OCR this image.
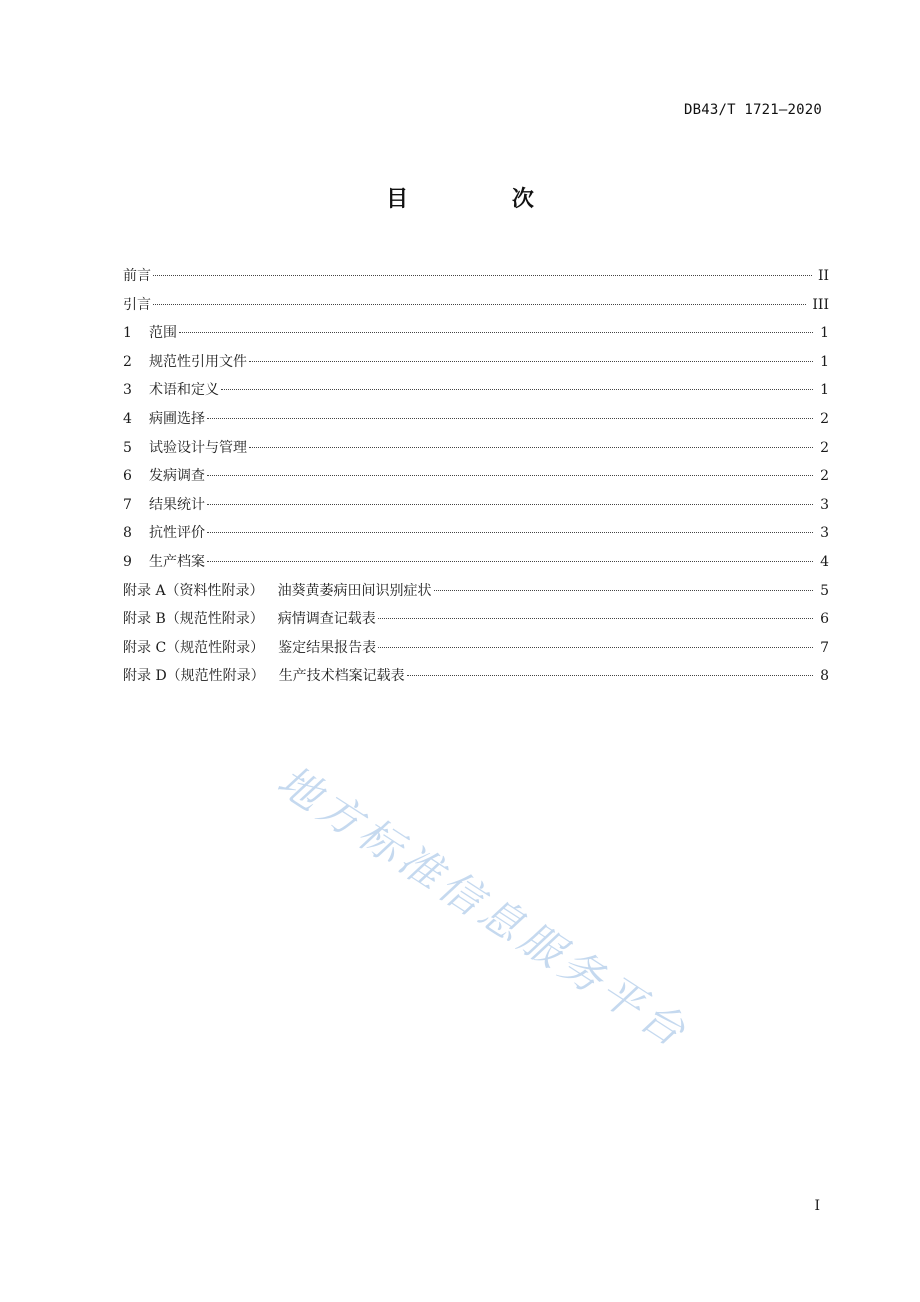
DB43/T 1721—2020
目 次
前言	II
引言	III
1	范围	1
2	规范性引用文件	1
3	术语和定义	1
4	病圃选择	2
5	试验设计与管理	2
6	发病调查	2
7	结果统计	3
8	抗性评价	3
9	生产档案	4
附录 A（资料性附录） 油葵黄萎病田间识别症状	5
附录 B（规范性附录） 病情调查记载表	6
附录 C（规范性附录） 鉴定结果报告表	7
附录 D（规范性附录） 生产技术档案记载表	8
地方标准信息服务平台
I
